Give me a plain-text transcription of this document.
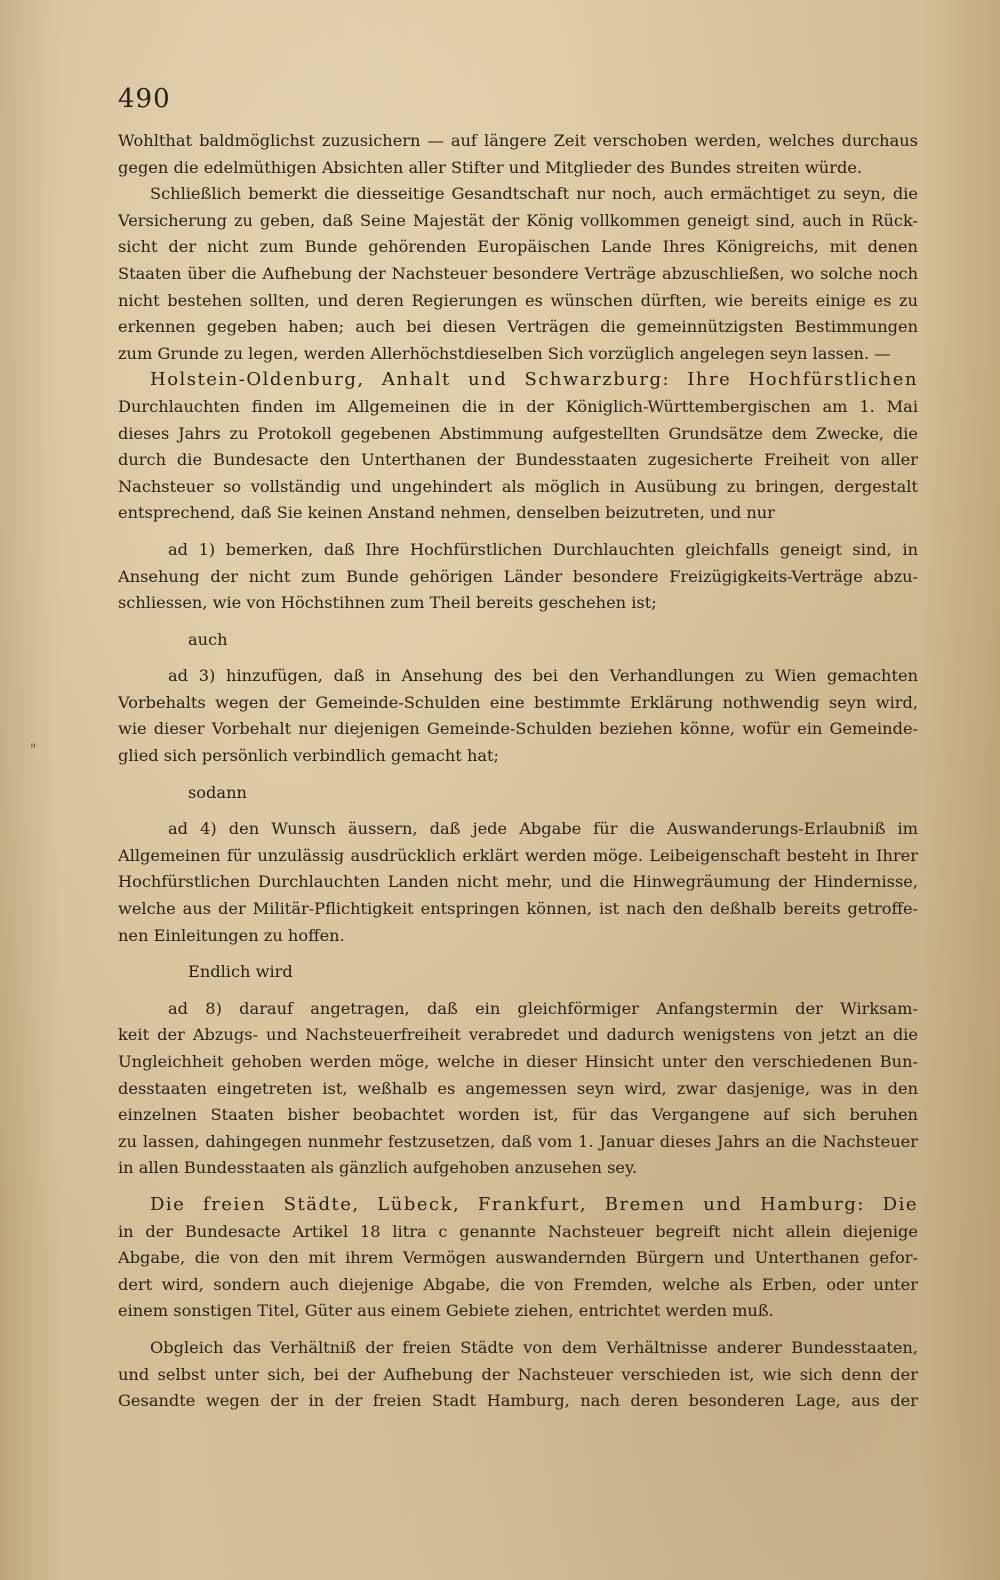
490
"
Wohlthat baldmöglichst zuzusichern — auf längere Zeit verschoben werden, welches durchaus
gegen die edelmüthigen Absichten aller Stifter und Mitglieder des Bundes streiten würde.
Schließlich bemerkt die diesseitige Gesandtschaft nur noch, auch ermächtiget zu seyn, die
Versicherung zu geben, daß Seine Majestät der König vollkommen geneigt sind, auch in Rück-
sicht der nicht zum Bunde gehörenden Europäischen Lande Ihres Königreichs, mit denen
Staaten über die Aufhebung der Nachsteuer besondere Verträge abzuschließen, wo solche noch
nicht bestehen sollten, und deren Regierungen es wünschen dürften, wie bereits einige es zu
erkennen gegeben haben; auch bei diesen Verträgen die gemeinnützigsten Bestimmungen
zum Grunde zu legen, werden Allerhöchstdieselben Sich vorzüglich angelegen seyn lassen. —
Holstein-Oldenburg, Anhalt und Schwarzburg: Ihre Hochfürstlichen
Durchlauchten finden im Allgemeinen die in der Königlich-Württembergischen am 1. Mai
dieses Jahrs zu Protokoll gegebenen Abstimmung aufgestellten Grundsätze dem Zwecke, die
durch die Bundesacte den Unterthanen der Bundesstaaten zugesicherte Freiheit von aller
Nachsteuer so vollständig und ungehindert als möglich in Ausübung zu bringen, dergestalt
entsprechend, daß Sie keinen Anstand nehmen, denselben beizutreten, und nur
ad 1) bemerken, daß Ihre Hochfürstlichen Durchlauchten gleichfalls geneigt sind, in
Ansehung der nicht zum Bunde gehörigen Länder besondere Freizügigkeits-Verträge abzu-
schliessen, wie von Höchstihnen zum Theil bereits geschehen ist;
auch
ad 3) hinzufügen, daß in Ansehung des bei den Verhandlungen zu Wien gemachten
Vorbehalts wegen der Gemeinde-Schulden eine bestimmte Erklärung nothwendig seyn wird,
wie dieser Vorbehalt nur diejenigen Gemeinde-Schulden beziehen könne, wofür ein Gemeinde-
glied sich persönlich verbindlich gemacht hat;
sodann
ad 4) den Wunsch äussern, daß jede Abgabe für die Auswanderungs-Erlaubniß im
Allgemeinen für unzulässig ausdrücklich erklärt werden möge. Leibeigenschaft besteht in Ihrer
Hochfürstlichen Durchlauchten Landen nicht mehr, und die Hinwegräumung der Hindernisse,
welche aus der Militär-Pflichtigkeit entspringen können, ist nach den deßhalb bereits getroffe-
nen Einleitungen zu hoffen.
Endlich wird
ad 8) darauf angetragen, daß ein gleichförmiger Anfangstermin der Wirksam-
keit der Abzugs- und Nachsteuerfreiheit verabredet und dadurch wenigstens von jetzt an die
Ungleichheit gehoben werden möge, welche in dieser Hinsicht unter den verschiedenen Bun-
desstaaten eingetreten ist, weßhalb es angemessen seyn wird, zwar dasjenige, was in den
einzelnen Staaten bisher beobachtet worden ist, für das Vergangene auf sich beruhen
zu lassen, dahingegen nunmehr festzusetzen, daß vom 1. Januar dieses Jahrs an die Nachsteuer
in allen Bundesstaaten als gänzlich aufgehoben anzusehen sey.
Die freien Städte, Lübeck, Frankfurt, Bremen und Hamburg: Die
in der Bundesacte Artikel 18 litra c genannte Nachsteuer begreift nicht allein diejenige
Abgabe, die von den mit ihrem Vermögen auswandernden Bürgern und Unterthanen gefor-
dert wird, sondern auch diejenige Abgabe, die von Fremden, welche als Erben, oder unter
einem sonstigen Titel, Güter aus einem Gebiete ziehen, entrichtet werden muß.
Obgleich das Verhältniß der freien Städte von dem Verhältnisse anderer Bundesstaaten,
und selbst unter sich, bei der Aufhebung der Nachsteuer verschieden ist, wie sich denn der
Gesandte wegen der in der freien Stadt Hamburg, nach deren besonderen Lage, aus der
